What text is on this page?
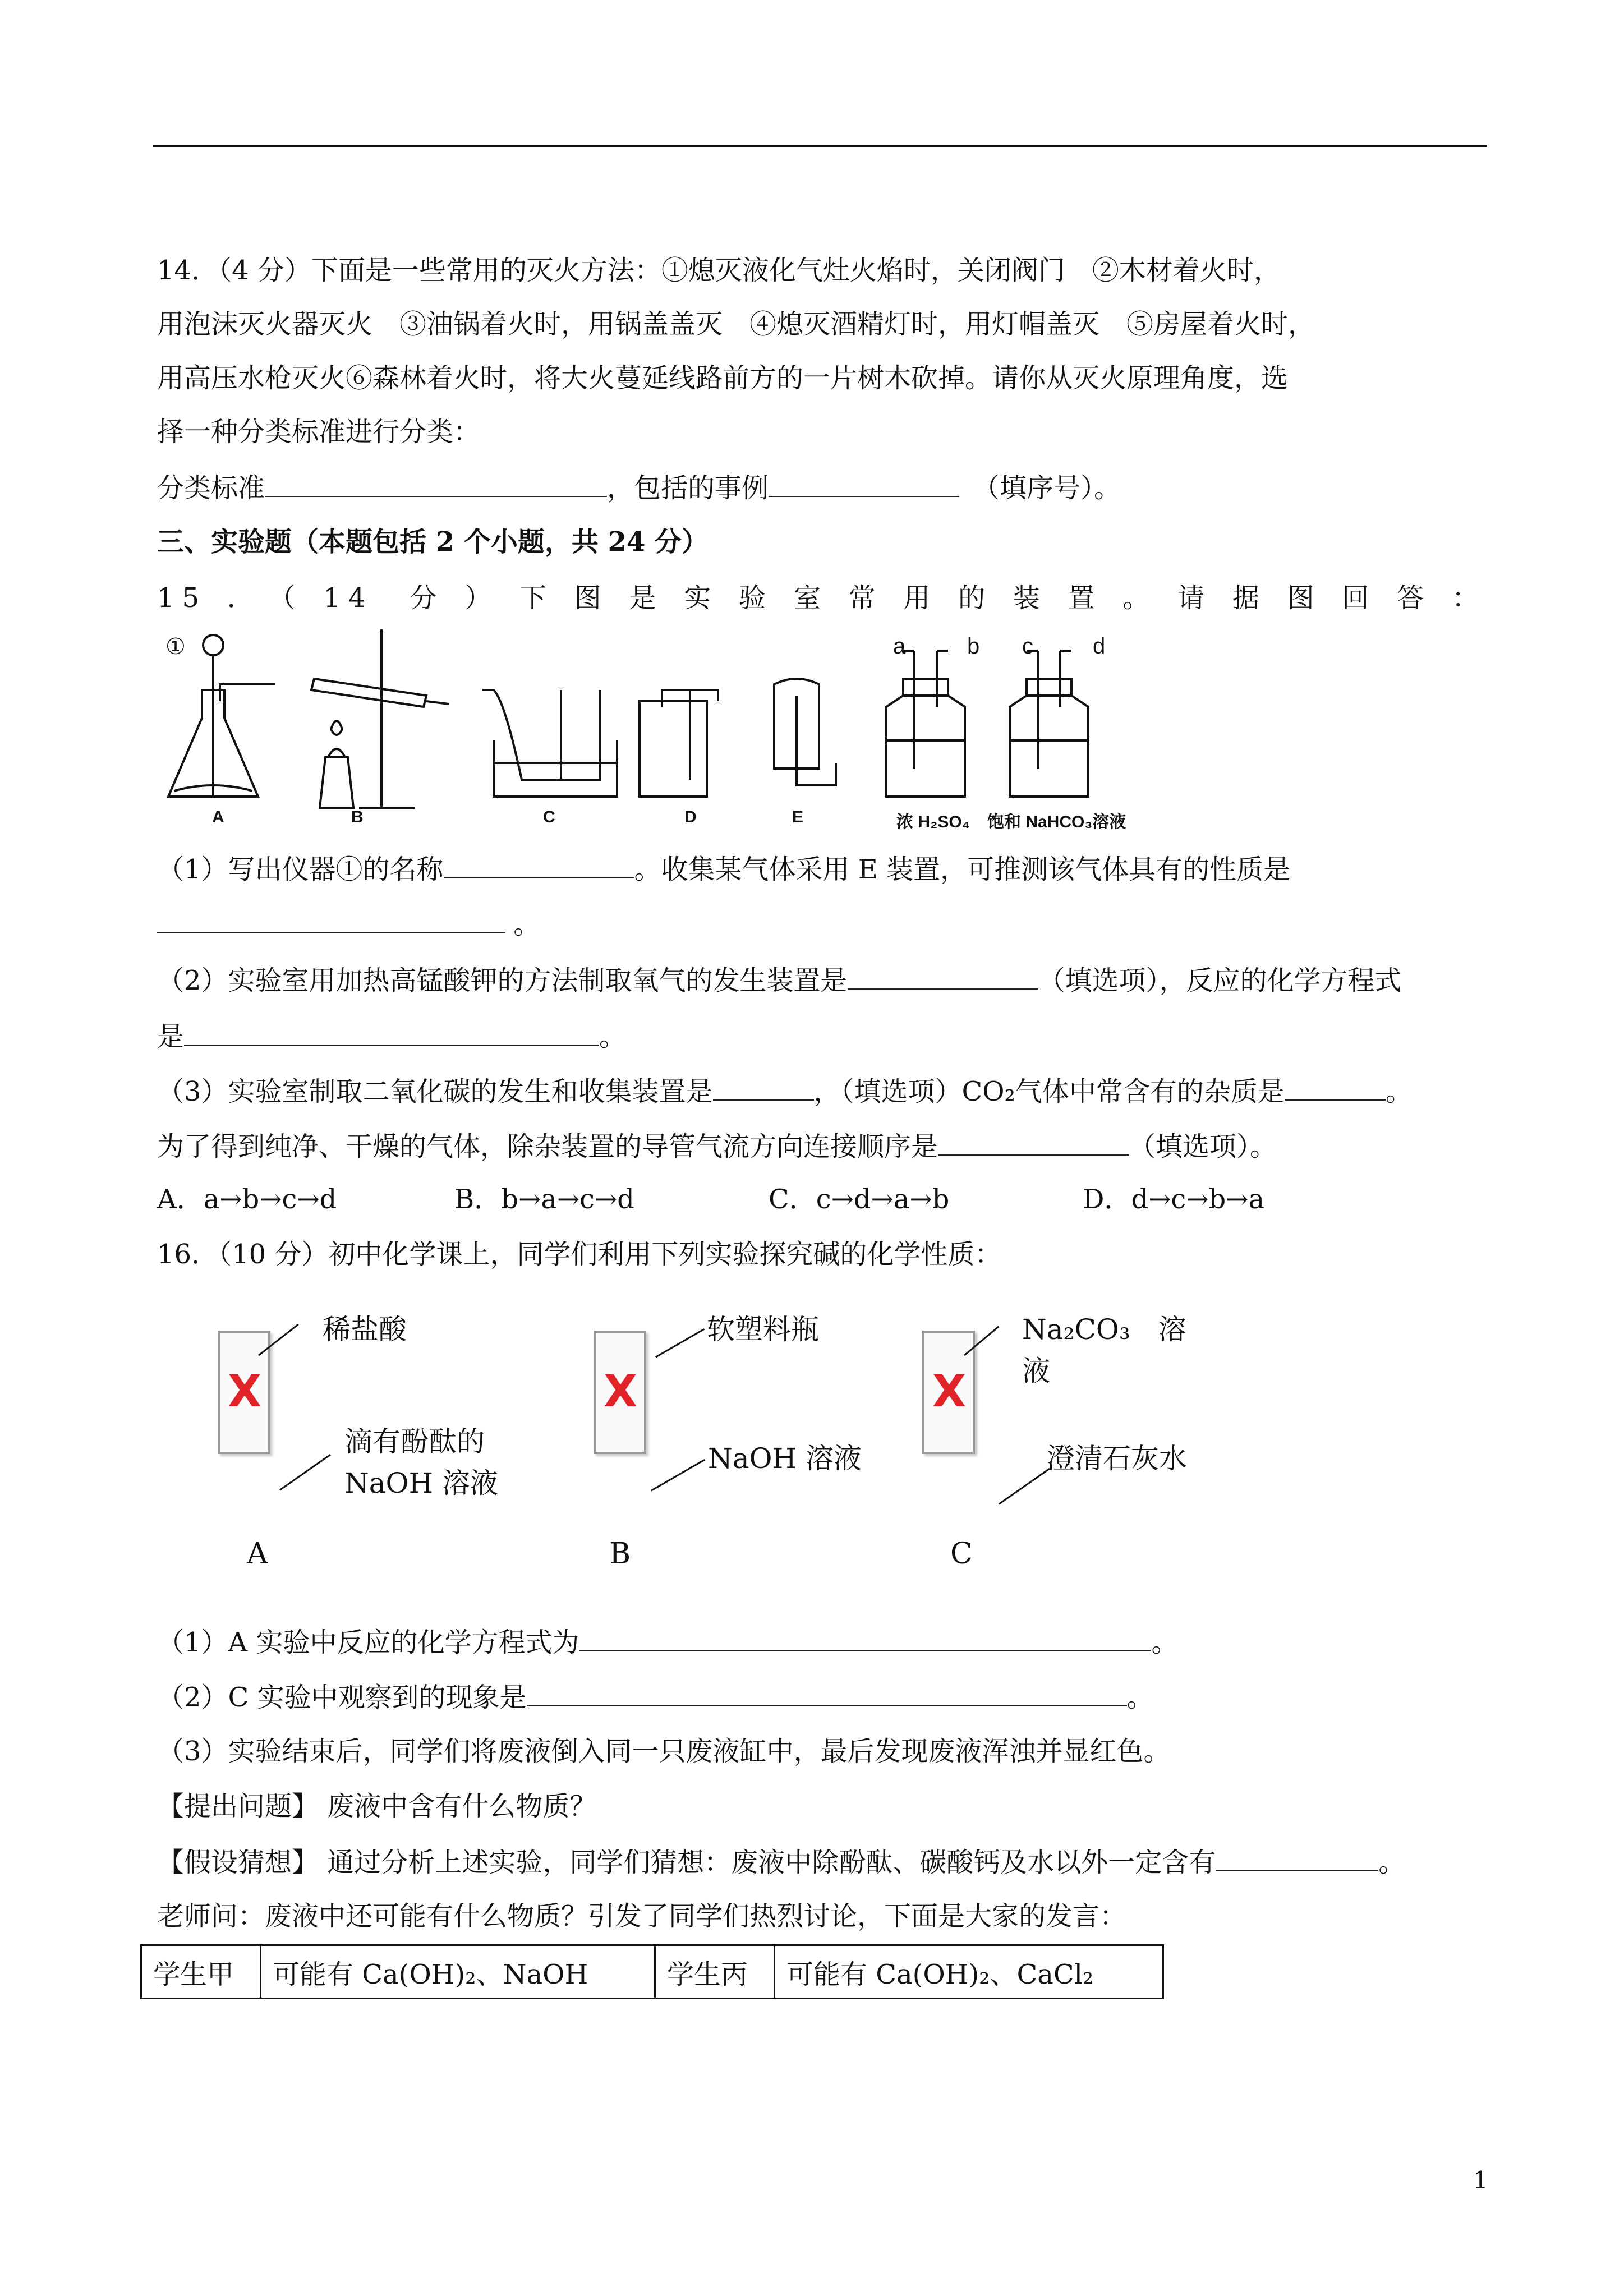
14．（4 分）下面是一些常用的灭火方法：①熄灭液化气灶火焰时，关闭阀门　②木材着火时，
用泡沫灭火器灭火　③油锅着火时，用锅盖盖灭　④熄灭酒精灯时，用灯帽盖灭　⑤房屋着火时，
用高压水枪灭火⑥森林着火时，将大火蔓延线路前方的一片树木砍掉。请你从灭火原理角度，选
择一种分类标准进行分类：
分类标准	，包括的事例　	（填序号）。
三、实验题（本题包括 2 个小题，共 24 分）
15．（14 分）下图是实验室常用的装置。请据图回答：
①	a	b c	d
A	B	C	D	E	浓 H₂SO₄ 饱和 NaHCO₃溶液
（1）写出仪器①的名称	。收集某气体采用 E 装置，可推测该气体具有的性质是
。
（2）实验室用加热高锰酸钾的方法制取氧气的发生装置是	（填选项），反应的化学方程式
是	。
（3）实验室制取二氧化碳的发生和收集装置是	，（填选项）CO₂气体中常含有的杂质是	。
为了得到纯净、干燥的气体，除杂装置的导管气流方向连接顺序是	（填选项）。
A．a→b→c→d	B．b→a→c→d	C．c→d→a→b	D．d→c→b→a
16．（10 分）初中化学课上，同学们利用下列实验探究碱的化学性质：
X
稀盐酸
滴有酚酞的
NaOH 溶液
A
X
软塑料瓶
NaOH 溶液
B
X
Na₂CO₃　溶
液
澄清石灰水
C
（1）A 实验中反应的化学方程式为	。
（2）C 实验中观察到的现象是	。
（3）实验结束后，同学们将废液倒入同一只废液缸中，最后发现废液浑浊并显红色。
【提出问题】 废液中含有什么物质？
【假设猜想】 通过分析上述实验，同学们猜想：废液中除酚酞、碳酸钙及水以外一定含有	。
老师问：废液中还可能有什么物质？引发了同学们热烈讨论，下面是大家的发言：
学生甲	可能有 Ca(OH)₂、NaOH	学生丙	可能有 Ca(OH)₂、CaCl₂
1
